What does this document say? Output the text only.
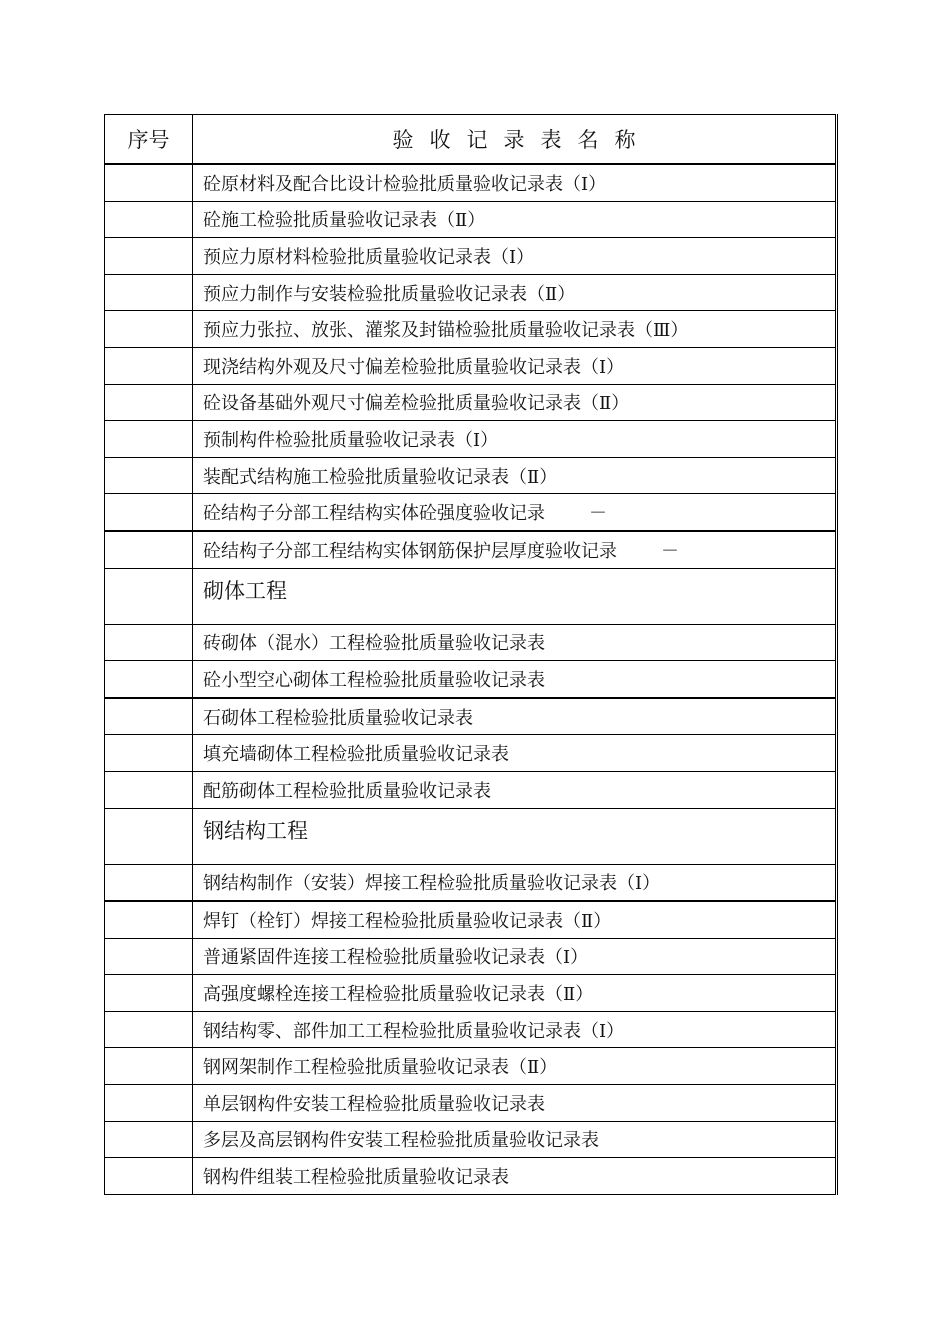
序号	验收记录表名称
	砼原材料及配合比设计检验批质量验收记录表（Ⅰ）
	砼施工检验批质量验收记录表（Ⅱ）
	预应力原材料检验批质量验收记录表（Ⅰ）
	预应力制作与安装检验批质量验收记录表（Ⅱ）
	预应力张拉、放张、灌浆及封锚检验批质量验收记录表（Ⅲ）
	现浇结构外观及尺寸偏差检验批质量验收记录表（Ⅰ）
	砼设备基础外观尺寸偏差检验批质量验收记录表（Ⅱ）
	预制构件检验批质量验收记录表（Ⅰ）
	装配式结构施工检验批质量验收记录表（Ⅱ）
	砼结构子分部工程结构实体砼强度验收记录 －
	砼结构子分部工程结构实体钢筋保护层厚度验收记录 －
	砌体工程
	砖砌体（混水）工程检验批质量验收记录表
	砼小型空心砌体工程检验批质量验收记录表
	石砌体工程检验批质量验收记录表
	填充墙砌体工程检验批质量验收记录表
	配筋砌体工程检验批质量验收记录表
	钢结构工程
	钢结构制作（安装）焊接工程检验批质量验收记录表（Ⅰ）
	焊钉（栓钉）焊接工程检验批质量验收记录表（Ⅱ）
	普通紧固件连接工程检验批质量验收记录表（Ⅰ）
	高强度螺栓连接工程检验批质量验收记录表（Ⅱ）
	钢结构零、部件加工工程检验批质量验收记录表（Ⅰ）
	钢网架制作工程检验批质量验收记录表（Ⅱ）
	单层钢构件安装工程检验批质量验收记录表
	多层及高层钢构件安装工程检验批质量验收记录表
	钢构件组装工程检验批质量验收记录表
